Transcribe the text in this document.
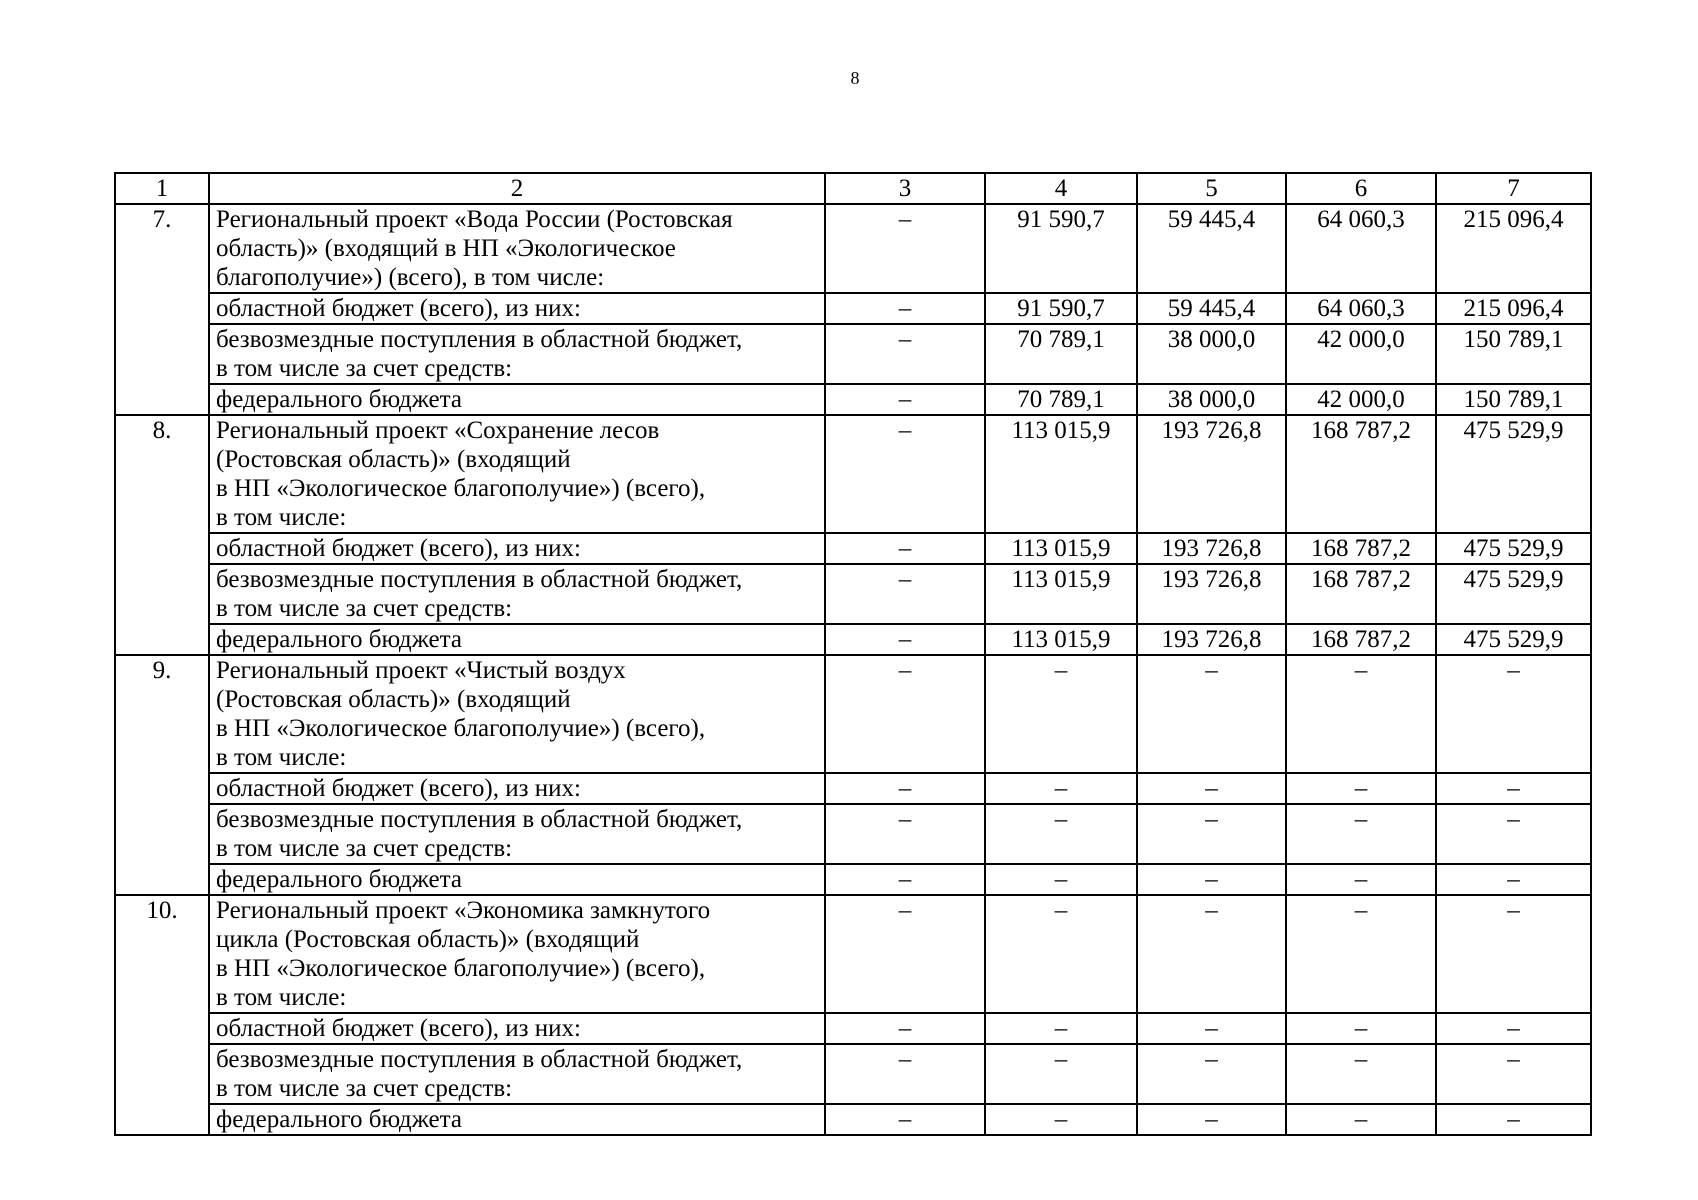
8
1	2	3	4	5	6	7
7.	Региональный проект «Вода России (Ростовская
область)» (входящий в НП «Экологическое
благополучие») (всего), в том числе:	–	91 590,7	59 445,4	64 060,3	215 096,4

	областной бюджет (всего), из них:	–	91 590,7	59 445,4	64 060,3	215 096,4

	безвозмездные поступления в областной бюджет,
в том числе за счет средств:	–	70 789,1	38 000,0	42 000,0	150 789,1

	федерального бюджета	–	70 789,1	38 000,0	42 000,0	150 789,1
8.	Региональный проект «Сохранение лесов
(Ростовская область)» (входящий
в НП «Экологическое благополучие») (всего),
в том числе:	–	113 015,9	193 726,8	168 787,2	475 529,9

	областной бюджет (всего), из них:	–	113 015,9	193 726,8	168 787,2	475 529,9

	безвозмездные поступления в областной бюджет,
в том числе за счет средств:	–	113 015,9	193 726,8	168 787,2	475 529,9

	федерального бюджета	–	113 015,9	193 726,8	168 787,2	475 529,9
9.	Региональный проект «Чистый воздух
(Ростовская область)» (входящий
в НП «Экологическое благополучие») (всего),
в том числе:	–	–	–	–	–

	областной бюджет (всего), из них:	–	–	–	–	–

	безвозмездные поступления в областной бюджет,
в том числе за счет средств:	–	–	–	–	–

	федерального бюджета	–	–	–	–	–
10.	Региональный проект «Экономика замкнутого
цикла (Ростовская область)» (входящий
в НП «Экологическое благополучие») (всего),
в том числе:	–	–	–	–	–

	областной бюджет (всего), из них:	–	–	–	–	–

	безвозмездные поступления в областной бюджет,
в том числе за счет средств:	–	–	–	–	–

	федерального бюджета	–	–	–	–	–
